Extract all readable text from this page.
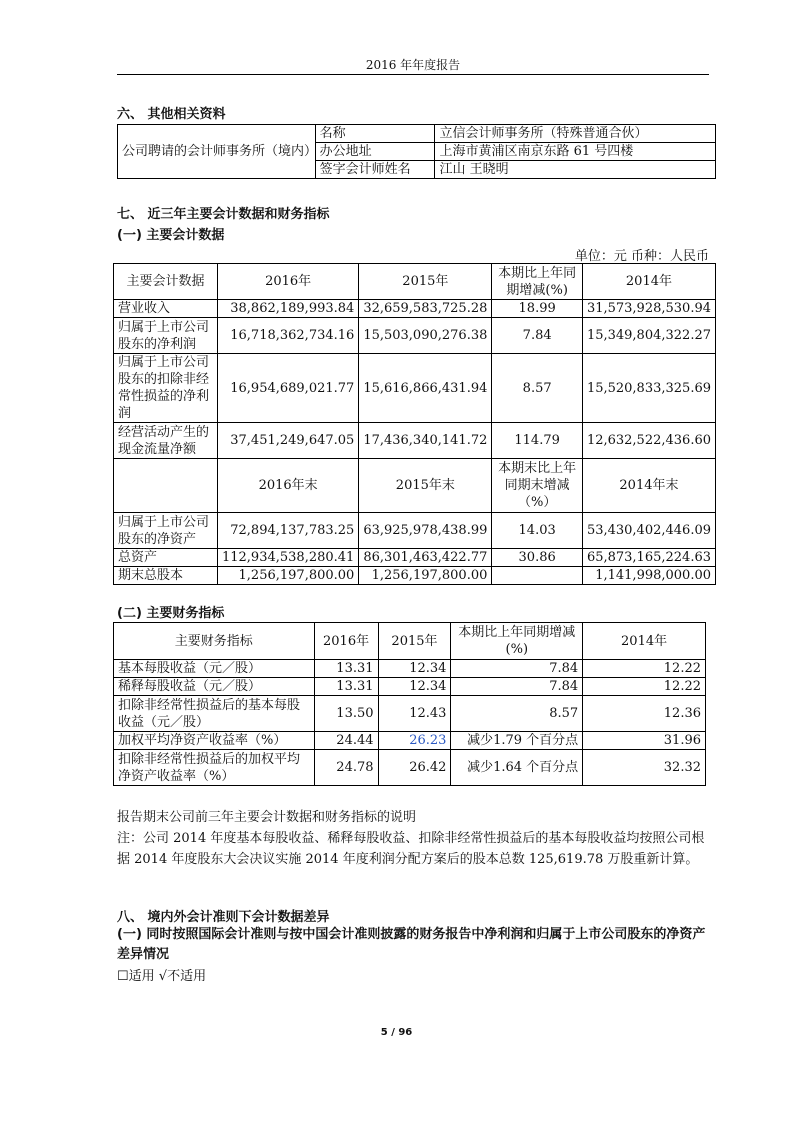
2016 年年度报告
六、 其他相关资料
公司聘请的会计师事务所（境内）	名称	立信会计师事务所（特殊普通合伙）
	办公地址	上海市黄浦区南京东路 61 号四楼
	签字会计师姓名	江山 王晓明
七、 近三年主要会计数据和财务指标
(一) 主要会计数据
单位：元 币种：人民币
主要会计数据	2016年	2015年	本期比上年同期增减(%)	2014年
营业收入	38,862,189,993.84	32,659,583,725.28	18.99	31,573,928,530.94
归属于上市公司股东的净利润	16,718,362,734.16	15,503,090,276.38	7.84	15,349,804,322.27
归属于上市公司股东的扣除非经常性损益的净利润	16,954,689,021.77	15,616,866,431.94	8.57	15,520,833,325.69
经营活动产生的现金流量净额	37,451,249,647.05	17,436,340,141.72	114.79	12,632,522,436.60
	2016年末	2015年末	本期末比上年同期末增减（%）	2014年末
归属于上市公司股东的净资产	72,894,137,783.25	63,925,978,438.99	14.03	53,430,402,446.09
总资产	112,934,538,280.41	86,301,463,422.77	30.86	65,873,165,224.63
期末总股本	1,256,197,800.00	1,256,197,800.00		1,141,998,000.00
(二) 主要财务指标
主要财务指标	2016年	2015年	本期比上年同期增减(%)	2014年
基本每股收益（元／股）	13.31	12.34	7.84	12.22
稀释每股收益（元／股）	13.31	12.34	7.84	12.22
扣除非经常性损益后的基本每股收益（元／股）	13.50	12.43	8.57	12.36
加权平均净资产收益率（%）	24.44	26.23	减少1.79 个百分点	31.96
扣除非经常性损益后的加权平均净资产收益率（%）	24.78	26.42	减少1.64 个百分点	32.32
报告期末公司前三年主要会计数据和财务指标的说明
注：公司 2014 年度基本每股收益、稀释每股收益、扣除非经常性损益后的基本每股收益均按照公司根据 2014 年度股东大会决议实施 2014 年度利润分配方案后的股本总数 125,619.78 万股重新计算。
八、 境内外会计准则下会计数据差异
(一) 同时按照国际会计准则与按中国会计准则披露的财务报告中净利润和归属于上市公司股东的净资产差异情况
☐适用 √不适用
5 / 96
